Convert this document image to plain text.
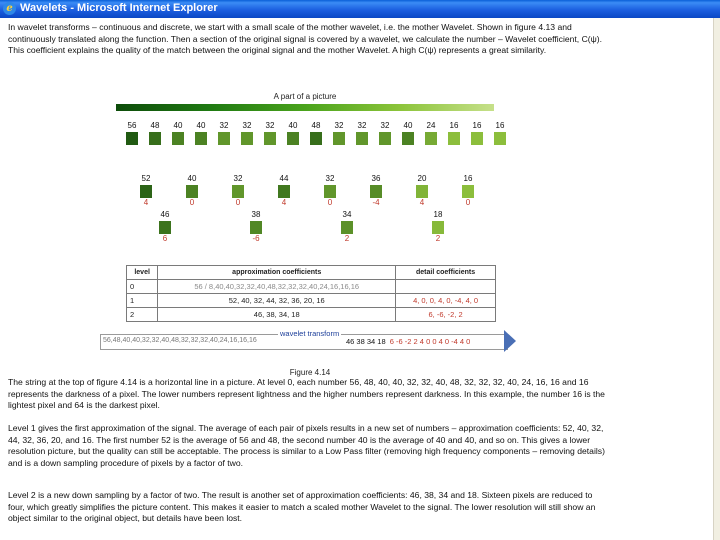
e Wavelets - Microsoft Internet Explorer
In wavelet transforms – continuous and discrete, we start with a small scale of the mother wavelet, i.e. the mother Wavelet. Shown in figure 4.13 and continuously translated along the function. Then a section of the original signal is covered by a wavelet, we calculate the number – Wavelet coefficient, C(ψ). This coefficient explains the quality of the match between the original signal and the mother Wavelet. A high C(ψ) represents a great similarity.
A part of a picture
56	48	40	40	32	32	32	40	48	32	32	32	40	24	16	16	16
52
4
40
0
32
0
44
4
32
0
36
-4
20
4
16
0
46
6
38
-6
34
2
18
2
level	approximation coefficients	detail coefficients
0	56 / 8,40,40,32,32,40,48,32,32,32,40,24,16,16,16	
1	52, 40, 32, 44, 32, 36, 20, 16	4, 0, 0, 4, 0, -4, 4, 0
2	46, 38, 34, 18	6, -6, -2, 2
wavelet transform
56,48,40,40,32,32,40,48,32,32,32,40,24,16,16,16	46 38 34 18 6 -6 -2 2 4 0 0 4 0 -4 4 0
Figure 4.14
The string at the top of figure 4.14 is a horizontal line in a picture. At level 0, each number 56, 48, 40, 40, 32, 32, 40, 48, 32, 32, 32, 40, 24, 16, 16 and 16 represents the darkness of a pixel. The lower numbers represent lightness and the higher numbers represent darkness. In this example, the number 16 is the lightest pixel and 64 is the darkest pixel.
Level 1 gives the first approximation of the signal. The average of each pair of pixels results in a new set of numbers – approximation coefficients: 52, 40, 32, 44, 32, 36, 20, and 16. The first number 52 is the average of 56 and 48, the second number 40 is the average of 40 and 40, and so on. This gives a lower resolution picture, but the quality can still be acceptable. The process is similar to a Low Pass filter (removing high frequency components – removing details) and is a down sampling procedure of pixels by a factor of two.
Level 2 is a new down sampling by a factor of two. The result is another set of approximation coefficients: 46, 38, 34 and 18. Sixteen pixels are reduced to four, which greatly simplifies the picture content. This makes it easier to match a scaled mother Wavelet to the signal. The lower resolution will still show an object similar to the original object, but details have been lost.
